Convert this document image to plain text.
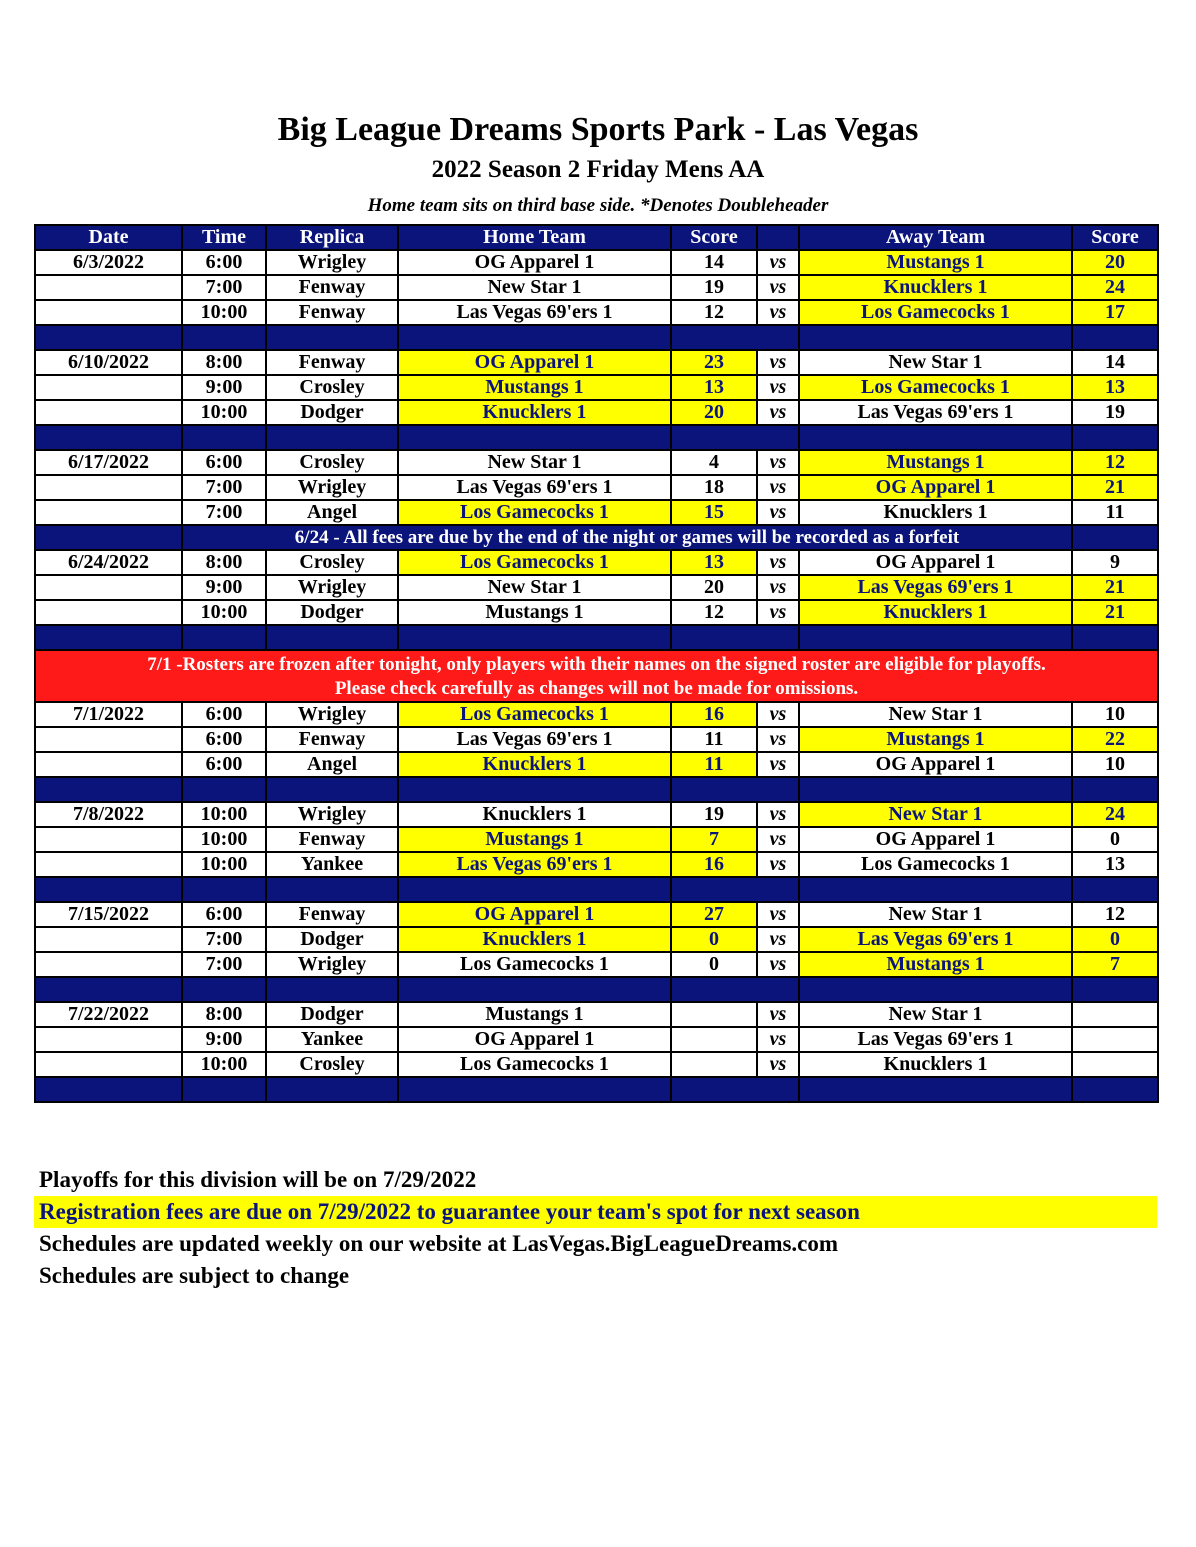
Big League Dreams Sports Park - Las Vegas
2022 Season 2 Friday Mens AA
Home team sits on third base side. *Denotes Doubleheader
Date	Time	Replica	Home Team	Score		Away Team	Score
6/3/2022	6:00	Wrigley	OG Apparel 1	14	vs	Mustangs 1	20
	7:00	Fenway	New Star 1	19	vs	Knucklers 1	24
	10:00	Fenway	Las Vegas 69'ers 1	12	vs	Los Gamecocks 1	17

6/10/2022	8:00	Fenway	OG Apparel 1	23	vs	New Star 1	14
	9:00	Crosley	Mustangs 1	13	vs	Los Gamecocks 1	13
	10:00	Dodger	Knucklers 1	20	vs	Las Vegas 69'ers 1	19

6/17/2022	6:00	Crosley	New Star 1	4	vs	Mustangs 1	12
	7:00	Wrigley	Las Vegas 69'ers 1	18	vs	OG Apparel 1	21
	7:00	Angel	Los Gamecocks 1	15	vs	Knucklers 1	11
	6/24 - All fees are due by the end of the night or games will be recorded as a forfeit						
6/24/2022	8:00	Crosley	Los Gamecocks 1	13	vs	OG Apparel 1	9
	9:00	Wrigley	New Star 1	20	vs	Las Vegas 69'ers 1	21
	10:00	Dodger	Mustangs 1	12	vs	Knucklers 1	21

7/1 -Rosters are frozen after tonight, only players with their names on the signed roster are eligible for playoffs.
Please check carefully as changes will not be made for omissions.							

7/1/2022	6:00	Wrigley	Los Gamecocks 1	16	vs	New Star 1	10
	6:00	Fenway	Las Vegas 69'ers 1	11	vs	Mustangs 1	22
	6:00	Angel	Knucklers 1	11	vs	OG Apparel 1	10

7/8/2022	10:00	Wrigley	Knucklers 1	19	vs	New Star 1	24
	10:00	Fenway	Mustangs 1	7	vs	OG Apparel 1	0
	10:00	Yankee	Las Vegas 69'ers 1	16	vs	Los Gamecocks 1	13

7/15/2022	6:00	Fenway	OG Apparel 1	27	vs	New Star 1	12
	7:00	Dodger	Knucklers 1	0	vs	Las Vegas 69'ers 1	0
	7:00	Wrigley	Los Gamecocks 1	0	vs	Mustangs 1	7

7/22/2022	8:00	Dodger	Mustangs 1		vs	New Star 1	
	9:00	Yankee	OG Apparel 1		vs	Las Vegas 69'ers 1	
	10:00	Crosley	Los Gamecocks 1		vs	Knucklers 1	

Playoffs for this division will be on 7/29/2022
Registration fees are due on 7/29/2022 to guarantee your team's spot for next season
Schedules are updated weekly on our website at LasVegas.BigLeagueDreams.com
Schedules are subject to change
